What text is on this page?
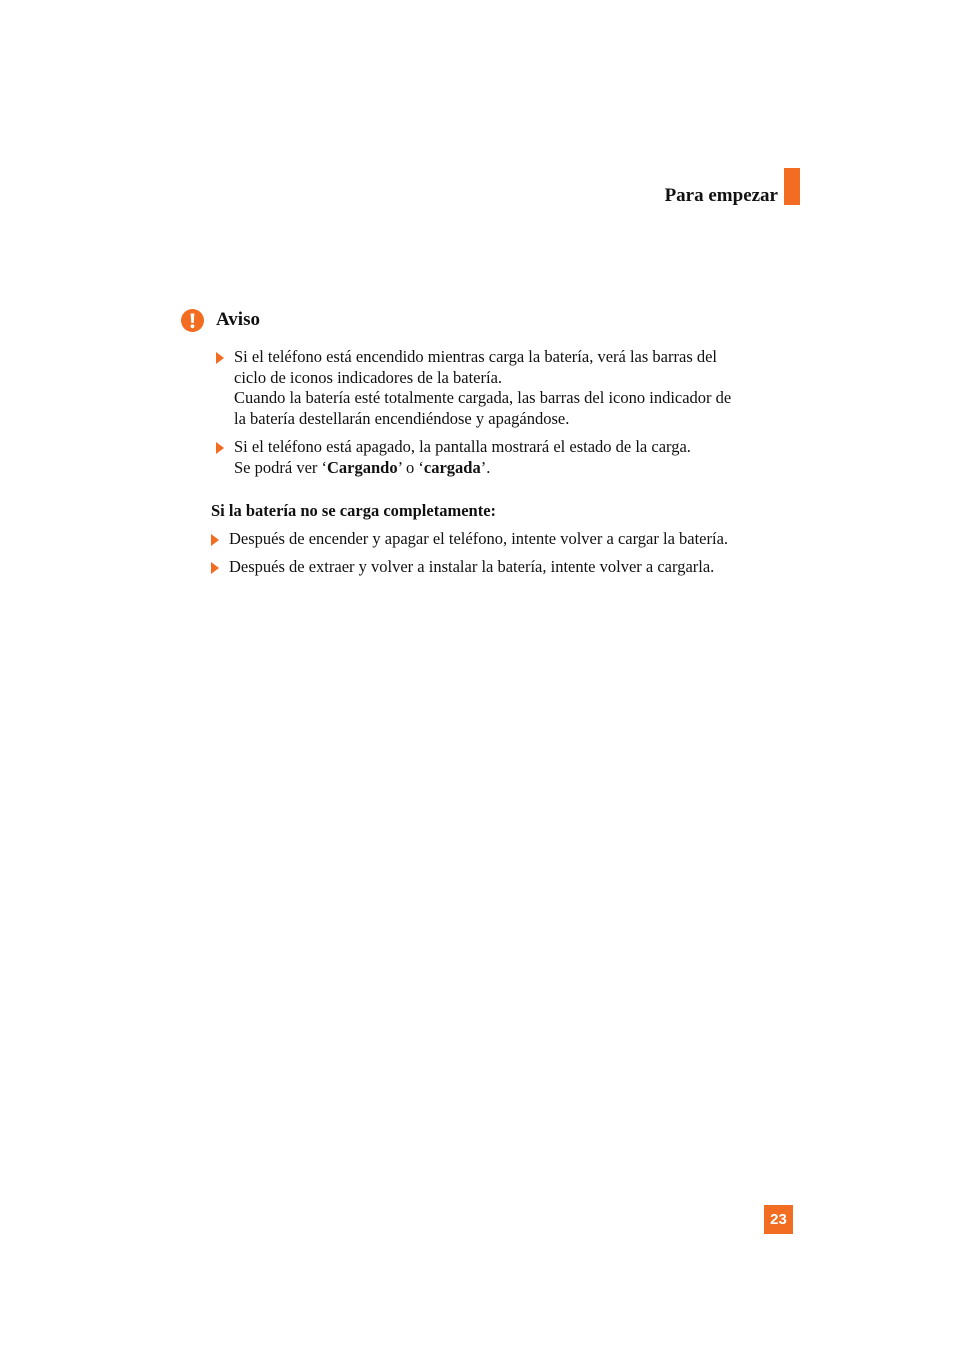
Para empezar
Aviso
Si el teléfono está encendido mientras carga la batería, verá las barras del
ciclo de iconos indicadores de la batería.
Cuando la batería esté totalmente cargada, las barras del icono indicador de
la batería destellarán encendiéndose y apagándose.
Si el teléfono está apagado, la pantalla mostrará el estado de la carga.
Se podrá ver ‘Cargando’ o ‘cargada’.
Si la batería no se carga completamente:
Después de encender y apagar el teléfono, intente volver a cargar la batería.
Después de extraer y volver a instalar la batería, intente volver a cargarla.
23
